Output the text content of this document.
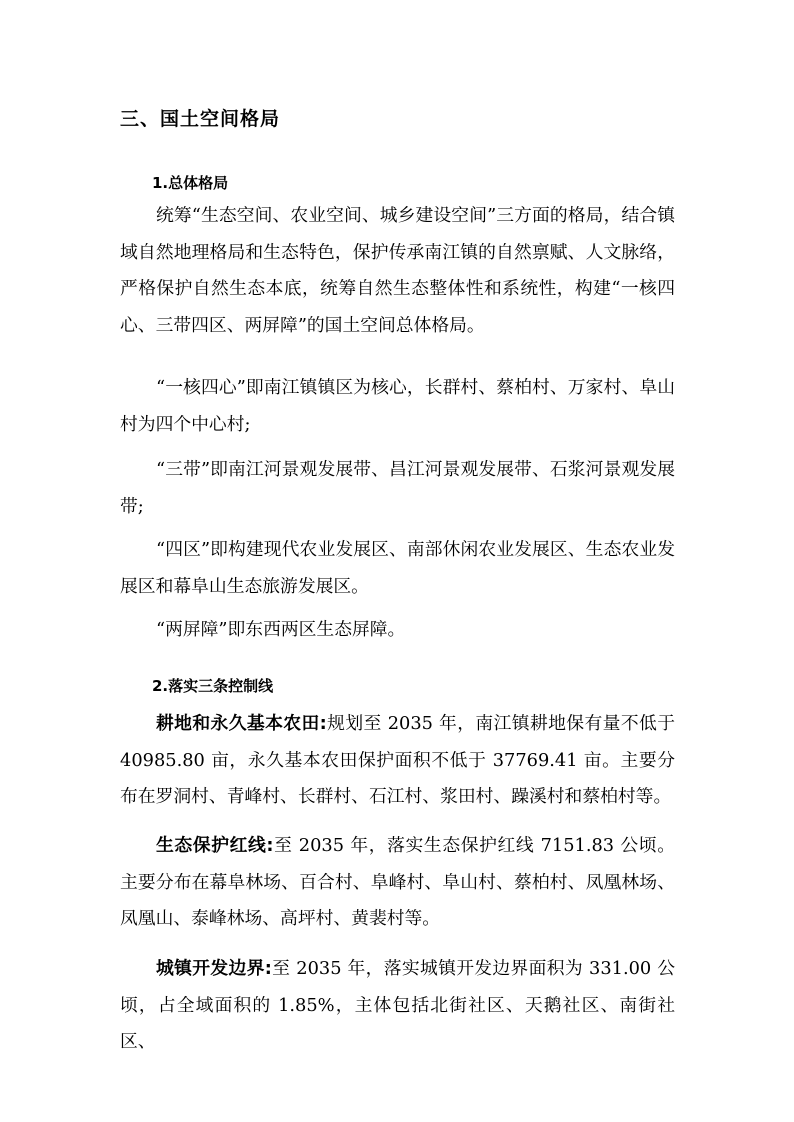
三、国土空间格局
1.总体格局

统筹“生态空间、农业空间、城乡建设空间”三方面的格局，结合镇域自然地理格局和生态特色，保护传承南江镇的自然禀赋、人文脉络，严格保护自然生态本底，统筹自然生态整体性和系统性，构建“一核四心、三带四区、两屏障”的国土空间总体格局。

“一核四心”即南江镇镇区为核心，长群村、蔡柏村、万家村、阜山村为四个中心村;

“三带”即南江河景观发展带、昌江河景观发展带、石浆河景观发展带;

“四区”即构建现代农业发展区、南部休闲农业发展区、生态农业发展区和幕阜山生态旅游发展区。

“两屏障”即东西两区生态屏障。

2.落实三条控制线

耕地和永久基本农田:规划至 2035 年，南江镇耕地保有量不低于 40985.80 亩，永久基本农田保护面积不低于 37769.41 亩。主要分布在罗洞村、青峰村、长群村、石江村、浆田村、躁溪村和蔡柏村等。

生态保护红线:至 2035 年，落实生态保护红线 7151.83 公顷。主要分布在幕阜林场、百合村、阜峰村、阜山村、蔡柏村、凤凰林场、凤凰山、泰峰林场、高坪村、黄裴村等。

城镇开发边界:至 2035 年，落实城镇开发边界面积为 331.00 公顷，占全域面积的 1.85%，主体包括北街社区、天鹅社区、南街社区、
